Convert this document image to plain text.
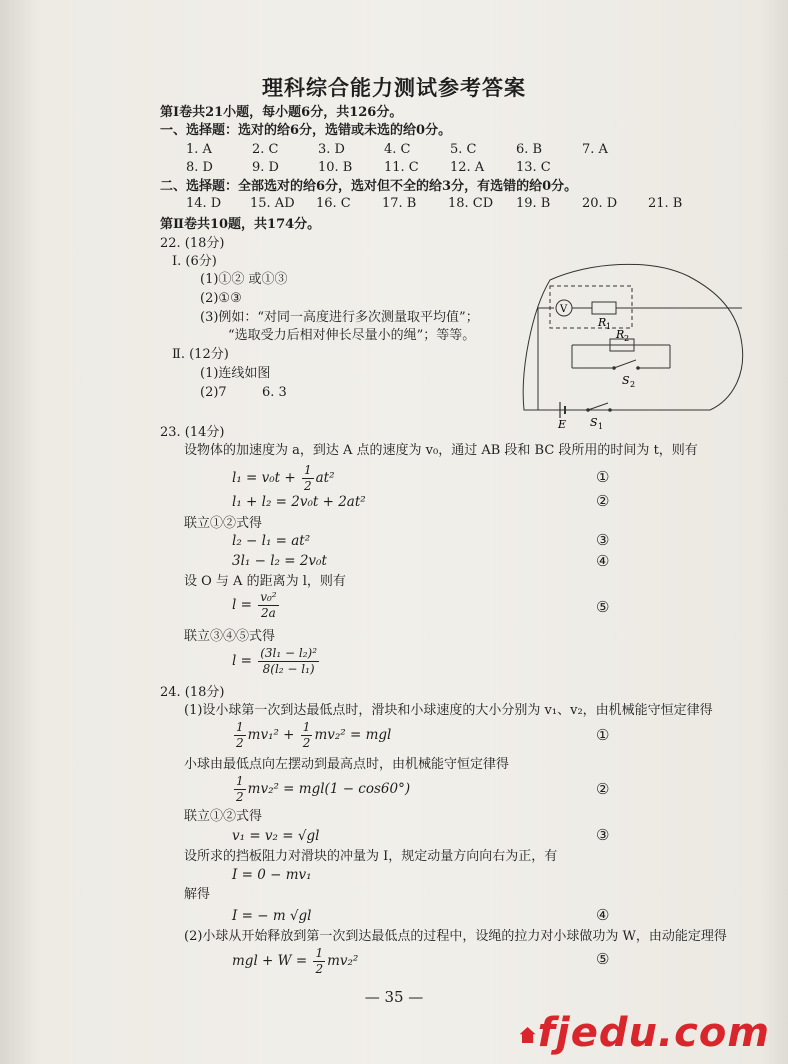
理科综合能力测试参考答案
第Ⅰ卷共21小题，每小题6分，共126分。
一、选择题：选对的给6分，选错或未选的给0分。
1. A	2. C	3. D	4. C	5. C	6. B	7. A
8. D	9. D	10. B 11. C 12. A 13. C
二、选择题：全部选对的给6分，选对但不全的给3分，有选错的给0分。
14. D 15. AD 16. C 17. B 18. CD 19. B 20. D 21. B
第Ⅱ卷共10题，共174分。
22. (18分)
Ⅰ. (6分)
(1)①② 或①③
(2)①③
(3)例如：“对同一高度进行多次测量取平均值”；
“选取受力后相对伸长尽量小的绳”；等等。
Ⅱ. (12分)
(1)连线如图
(2)7	6. 3
V
R 1
R 2
S 2
S 1
E
23. (14分)
设物体的加速度为 a，到达 A 点的速度为 v₀，通过 AB 段和 BC 段所用的时间为 t，则有
$l_1 = v_0t + \frac{1}{2} at^2$	①
l₁ + l₂ = 2v₀t + 2at²	②
联立①②式得
l₂ − l₁ = at²	③
3l₁ − l₂ = 2v₀t	④
设 O 与 A 的距离为 l，则有
$l = \frac{\text{v₀²}}{2a}$	⑤
联立③④⑤式得
$l = \frac{\text{(3l₁ − l₂)²}}{\text{8(l₂ − l₁)}}$
24. (18分)
(1)设小球第一次到达最低点时，滑块和小球速度的大小分别为 v₁、v₂，由机械能守恒定律得
$\frac{1}{2} mv_1^2 + \frac{1}{2} mv_2^2$ = mgl	①
小球由最低点向左摆动到最高点时，由机械能守恒定律得
$\frac{1}{2} mv_2^2 = mgl(1 - \cos 60^\circ)$	②
联立①②式得
v₁ = v₂ = √gl	③
设所求的挡板阻力对滑块的冲量为 I，规定动量方向向右为正，有
I = 0 − mv₁
解得
I = − m √gl	④
(2)小球从开始释放到第一次到达最低点的过程中，设绳的拉力对小球做功为 W，由动能定理得
mgl + $W = \frac{1}{2} mv_2^2$	⑤
— 35 —
fjedu.com
